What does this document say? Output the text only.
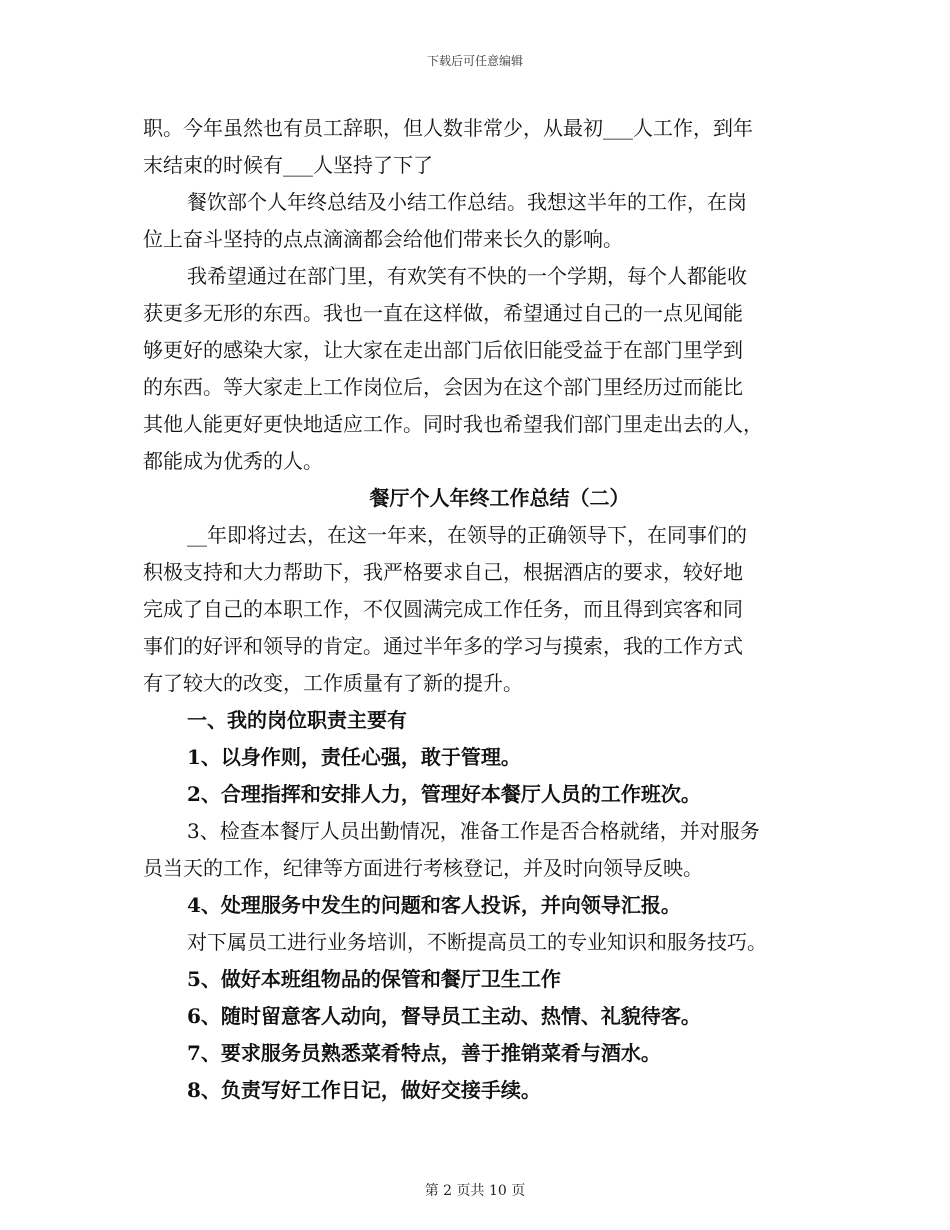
下载后可任意编辑
职。今年虽然也有员工辞职，但人数非常少，从最初___人工作，到年
末结束的时候有___人坚持了下了
餐饮部个人年终总结及小结工作总结。我想这半年的工作，在岗
位上奋斗坚持的点点滴滴都会给他们带来长久的影响。
我希望通过在部门里，有欢笑有不快的一个学期，每个人都能收
获更多无形的东西。我也一直在这样做，希望通过自己的一点见闻能
够更好的感染大家，让大家在走出部门后依旧能受益于在部门里学到
的东西。等大家走上工作岗位后，会因为在这个部门里经历过而能比
其他人能更好更快地适应工作。同时我也希望我们部门里走出去的人，
都能成为优秀的人。
餐厅个人年终工作总结（二）
__年即将过去，在这一年来，在领导的正确领导下，在同事们的
积极支持和大力帮助下，我严格要求自己，根据酒店的要求，较好地
完成了自己的本职工作，不仅圆满完成工作任务，而且得到宾客和同
事们的好评和领导的肯定。通过半年多的学习与摸索，我的工作方式
有了较大的改变，工作质量有了新的提升。
一、我的岗位职责主要有
1、以身作则，责任心强，敢于管理。
2、合理指挥和安排人力，管理好本餐厅人员的工作班次。
3、检查本餐厅人员出勤情况，准备工作是否合格就绪，并对服务
员当天的工作，纪律等方面进行考核登记，并及时向领导反映。
4、处理服务中发生的问题和客人投诉，并向领导汇报。
对下属员工进行业务培训，不断提高员工的专业知识和服务技巧。
5、做好本班组物品的保管和餐厅卫生工作
6、随时留意客人动向，督导员工主动、热情、礼貌待客。
7、要求服务员熟悉菜肴特点，善于推销菜肴与酒水。
8、负责写好工作日记，做好交接手续。
第 2 页共 10 页
